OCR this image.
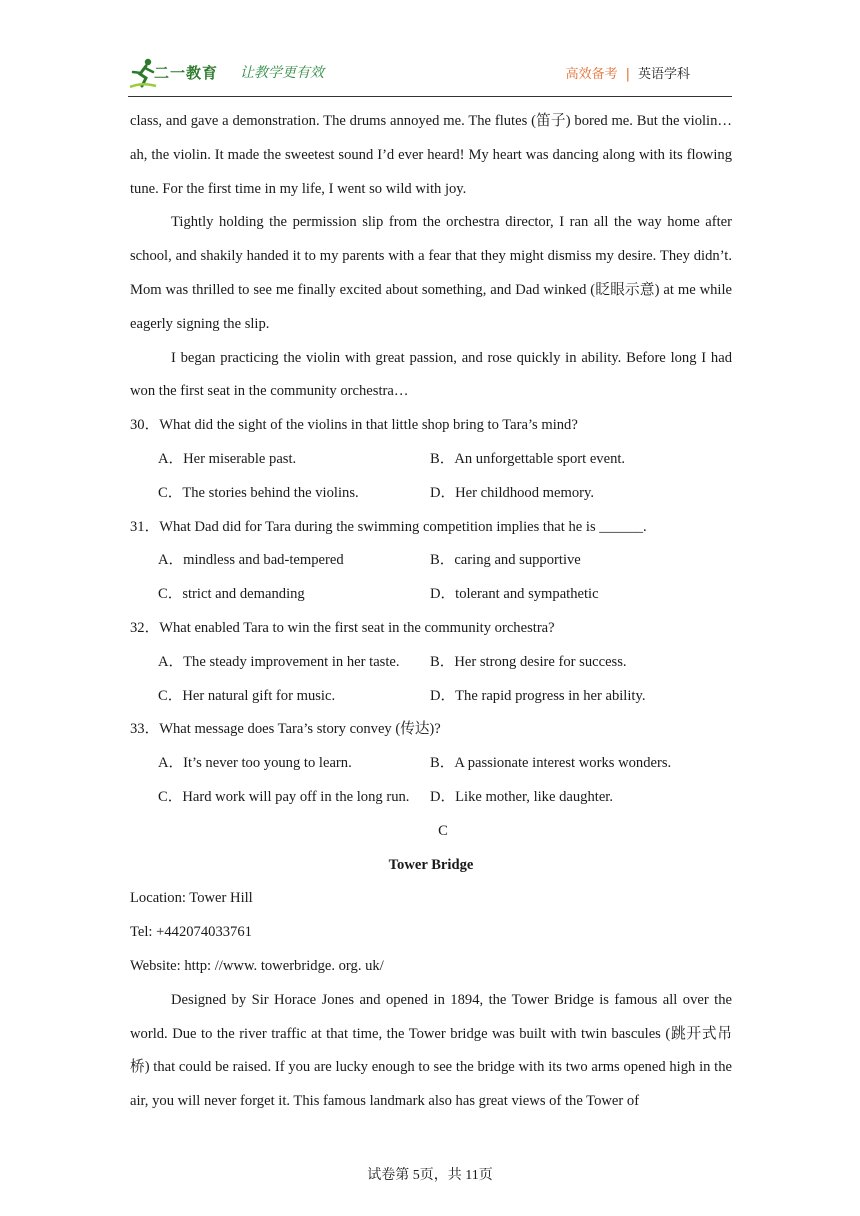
二一教育 让教学更有效	高效备考 | 英语学科

class, and gave a demonstration. The drums annoyed me. The flutes (笛子) bored me. But the violin… ah, the violin. It made the sweetest sound I’d ever heard! My heart was dancing along with its flowing tune. For the first time in my life, I went so wild with joy.

Tightly holding the permission slip from the orchestra director, I ran all the way home after school, and shakily handed it to my parents with a fear that they might dismiss my desire. They didn’t. Mom was thrilled to see me finally excited about something, and Dad winked (眨眼示意) at me while eagerly signing the slip.

I began practicing the violin with great passion, and rose quickly in ability. Before long I had won the first seat in the community orchestra…

30．What did the sight of the violins in that little shop bring to Tara’s mind?

A．Her miserable past.	B．An unforgettable sport event.
C．The stories behind the violins.	D．Her childhood memory.

31．What Dad did for Tara during the swimming competition implies that he is ______.

A．mindless and bad-tempered	B．caring and supportive
C．strict and demanding	D．tolerant and sympathetic

32．What enabled Tara to win the first seat in the community orchestra?

A．The steady improvement in her taste.	B．Her strong desire for success.
C．Her natural gift for music.	D．The rapid progress in her ability.

33．What message does Tara’s story convey (传达)?

A．It’s never too young to learn.	B．A passionate interest works wonders.
C．Hard work will pay off in the long run.	D．Like mother, like daughter.

C

Tower Bridge

Location: Tower Hill

Tel: +442074033761

Website: http: //www. towerbridge. org. uk/

Designed by Sir Horace Jones and opened in 1894, the Tower Bridge is famous all over the world. Due to the river traffic at that time, the Tower bridge was built with twin bascules (跳开式吊桥) that could be raised. If you are lucky enough to see the bridge with its two arms opened high in the air, you will never forget it. This famous landmark also has great views of the Tower of

试卷第 5页，共 11页
